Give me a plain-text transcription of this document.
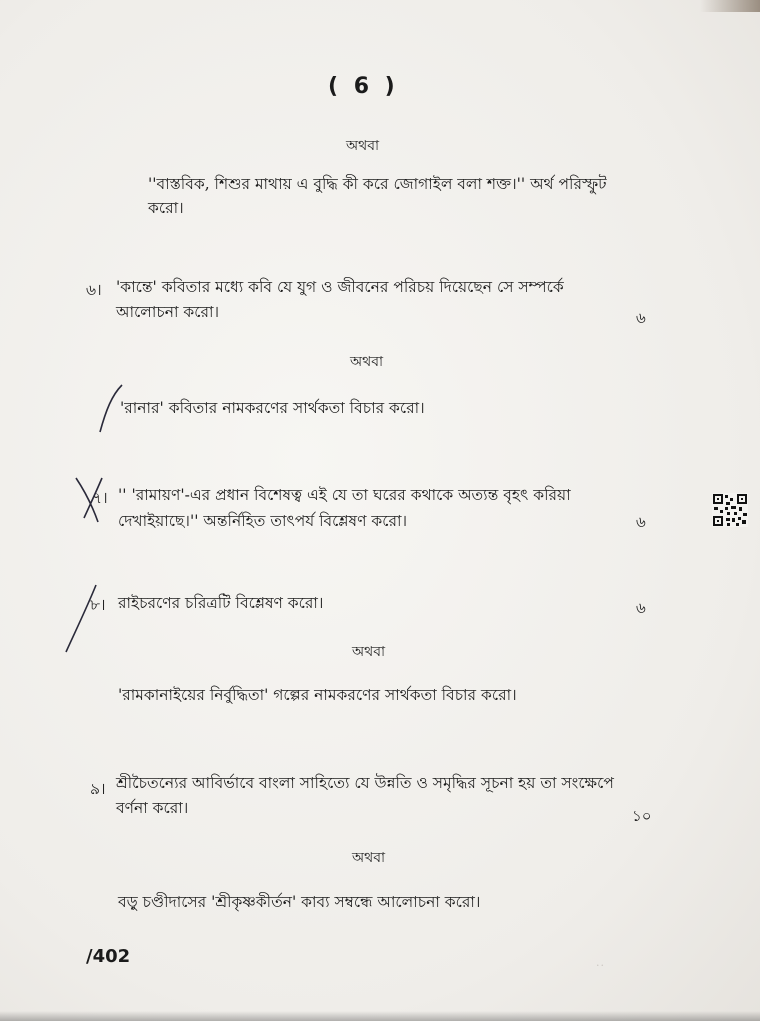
( 6 )
অথবা
''বাস্তবিক, শিশুর মাথায় এ বুদ্ধি কী করে জোগাইল বলা শক্ত।'' অর্থ পরিস্ফুট
করো।
৬। 'কান্তে' কবিতার মধ্যে কবি যে যুগ ও জীবনের পরিচয় দিয়েছেন সে সম্পর্কে
আলোচনা করো।	৬
অথবা
'রানার' কবিতার নামকরণের সার্থকতা বিচার করো।
৭। '' 'রামায়ণ'-এর প্রধান বিশেষত্ব এই যে তা ঘরের কথাকে অত্যন্ত বৃহৎ করিয়া
দেখাইয়াছে।'' অন্তর্নিহিত তাৎপর্য বিশ্লেষণ করো।	৬
৮। রাইচরণের চরিত্রটি বিশ্লেষণ করো।	৬
অথবা
'রামকানাইয়ের নির্বুদ্ধিতা' গল্পের নামকরণের সার্থকতা বিচার করো।
৯। শ্রীচৈতন্যের আবির্ভাবে বাংলা সাহিত্যে যে উন্নতি ও সমৃদ্ধির সূচনা হয় তা সংক্ষেপে
বর্ণনা করো।	১০
অথবা
বড়ু চণ্ডীদাসের 'শ্রীকৃষ্ণকীর্তন' কাব্য সম্বন্ধে আলোচনা করো।
/402	..
